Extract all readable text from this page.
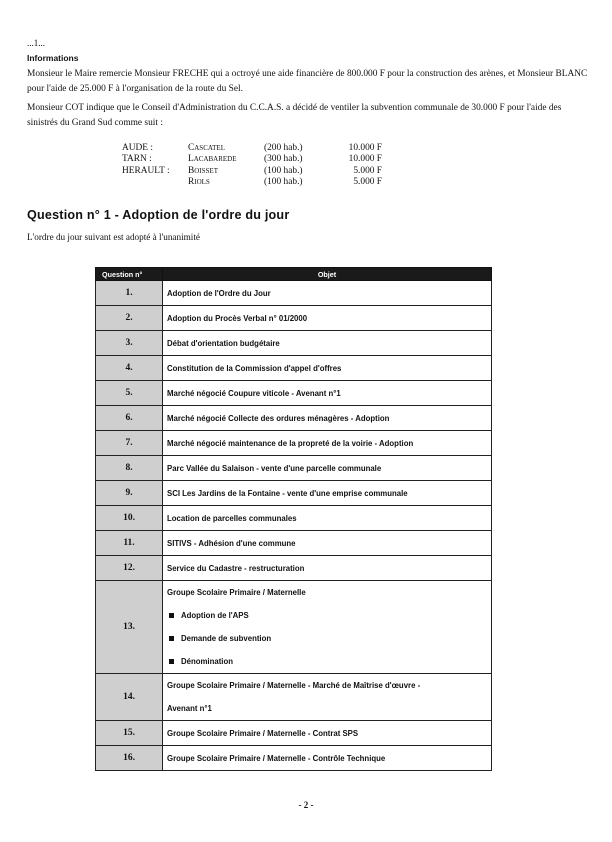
...1...
Informations
Monsieur le Maire remercie Monsieur FRECHE qui a octroyé une aide financière de 800.000 F pour la construction des arènes, et Monsieur BLANC pour l'aide de 25.000 F à l'organisation de la route du Sel.
Monsieur COT indique que le Conseil d'Administration du C.C.A.S. a décidé de ventiler la subvention communale de 30.000 F pour l'aide des sinistrés du Grand Sud comme suit :
AUDE :	Cascatel	(200 hab.)	10.000 F
TARN :	Lacabarede	(300 hab.)	10.000 F
HERAULT : Boisset	(100 hab.)	5.000 F
Riols	(100 hab.)	5.000 F
Question n° 1 - Adoption de l'ordre du jour
L'ordre du jour suivant est adopté à l'unanimité
Question n°	Objet
1.	Adoption de l'Ordre du Jour

2.	Adoption du Procès Verbal n° 01/2000

3.	Débat d'orientation budgétaire

4.	Constitution de la Commission d'appel d'offres

5.	Marché négocié Coupure viticole - Avenant n°1

6.	Marché négocié Collecte des ordures ménagères - Adoption

7.	Marché négocié maintenance de la propreté de la voirie - Adoption

8.	Parc Vallée du Salaison - vente d'une parcelle communale

9.	SCI Les Jardins de la Fontaine - vente d'une emprise communale

10.	Location de parcelles communales

11.	SITIVS - Adhésion d'une commune

12.	Service du Cadastre - restructuration

13.	Groupe Scolaire Primaire / Maternelle
Adoption de l'APS
Demande de subvention
Dénomination

14.	Groupe Scolaire Primaire / Maternelle - Marché de Maîtrise d'œuvre -
Avenant n°1

15.	Groupe Scolaire Primaire / Maternelle - Contrat SPS

16.	Groupe Scolaire Primaire / Maternelle - Contrôle Technique
- 2 -
